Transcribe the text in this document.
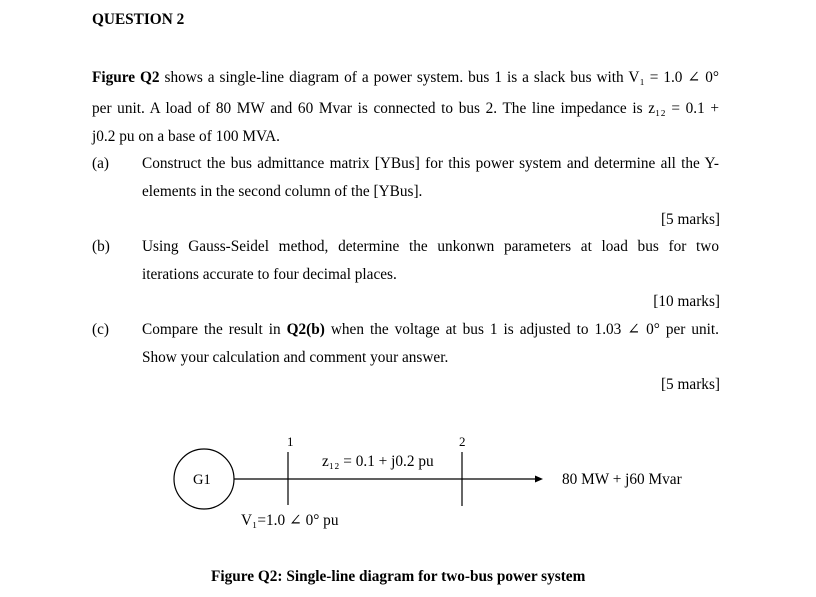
QUESTION 2
Figure Q2 shows a single-line diagram of a power system. bus 1 is a slack bus with V₁ = 1.0 ∠ 0°
per unit. A load of 80 MW and 60 Mvar is connected to bus 2. The line impedance is z₁₂ = 0.1 +
j0.2 pu on a base of 100 MVA.
(a) Construct the bus admittance matrix [YBus] for this power system and determine all the Y-
elements in the second column of the [YBus].
[5 marks]
(b) Using Gauss-Seidel method, determine the unkonwn parameters at load bus for two
iterations accurate to four decimal places.
[10 marks]
(c) Compare the result in Q2(b) when the voltage at bus 1 is adjusted to 1.03 ∠ 0° per unit.
Show your calculation and comment your answer.
[5 marks]
G1
1	2
z₁₂ = 0.1 + j0.2 pu
80 MW + j60 Mvar
V₁=1.0 ∠ 0° pu
Figure Q2: Single-line diagram for two-bus power system
